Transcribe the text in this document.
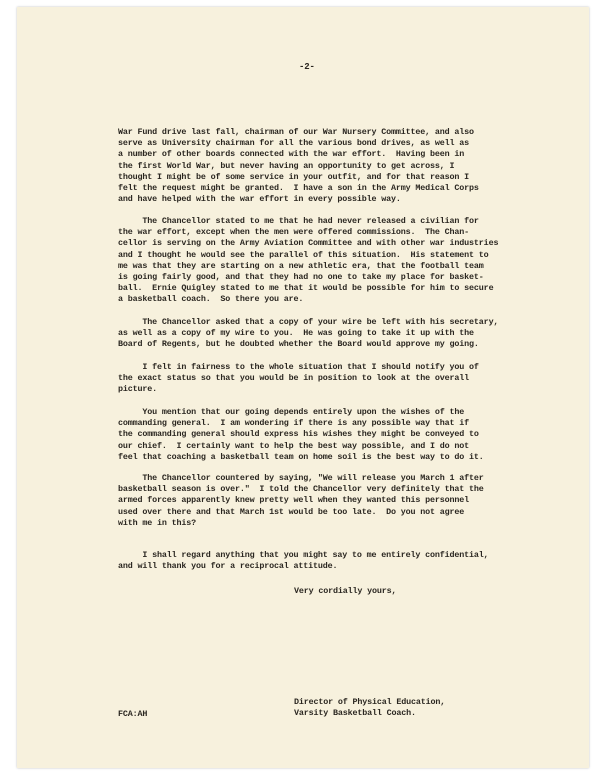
-2-
War Fund drive last fall, chairman of our War Nursery Committee, and also
serve as University chairman for all the various bond drives, as well as
a number of other boards connected with the war effort.  Having been in
the first World War, but never having an opportunity to get across, I
thought I might be of some service in your outfit, and for that reason I
felt the request might be granted.  I have a son in the Army Medical Corps
and have helped with the war effort in every possible way.
The Chancellor stated to me that he had never released a civilian for
the war effort, except when the men were offered commissions.  The Chan-
cellor is serving on the Army Aviation Committee and with other war industries
and I thought he would see the parallel of this situation.  His statement to
me was that they are starting on a new athletic era, that the football team
is going fairly good, and that they had no one to take my place for basket-
ball.  Ernie Quigley stated to me that it would be possible for him to secure
a basketball coach.  So there you are.
The Chancellor asked that a copy of your wire be left with his secretary,
as well as a copy of my wire to you.  He was going to take it up with the
Board of Regents, but he doubted whether the Board would approve my going.
I felt in fairness to the whole situation that I should notify you of
the exact status so that you would be in position to look at the overall
picture.
You mention that our going depends entirely upon the wishes of the
commanding general.  I am wondering if there is any possible way that if
the commanding general should express his wishes they might be conveyed to
our chief.  I certainly want to help the best way possible, and I do not
feel that coaching a basketball team on home soil is the best way to do it.
The Chancellor countered by saying, "We will release you March 1 after
basketball season is over."  I told the Chancellor very definitely that the
armed forces apparently knew pretty well when they wanted this personnel
used over there and that March 1st would be too late.  Do you not agree
with me in this?
I shall regard anything that you might say to me entirely confidential,
and will thank you for a reciprocal attitude.
Very cordially yours,
Director of Physical Education,
Varsity Basketball Coach.
FCA:AH
